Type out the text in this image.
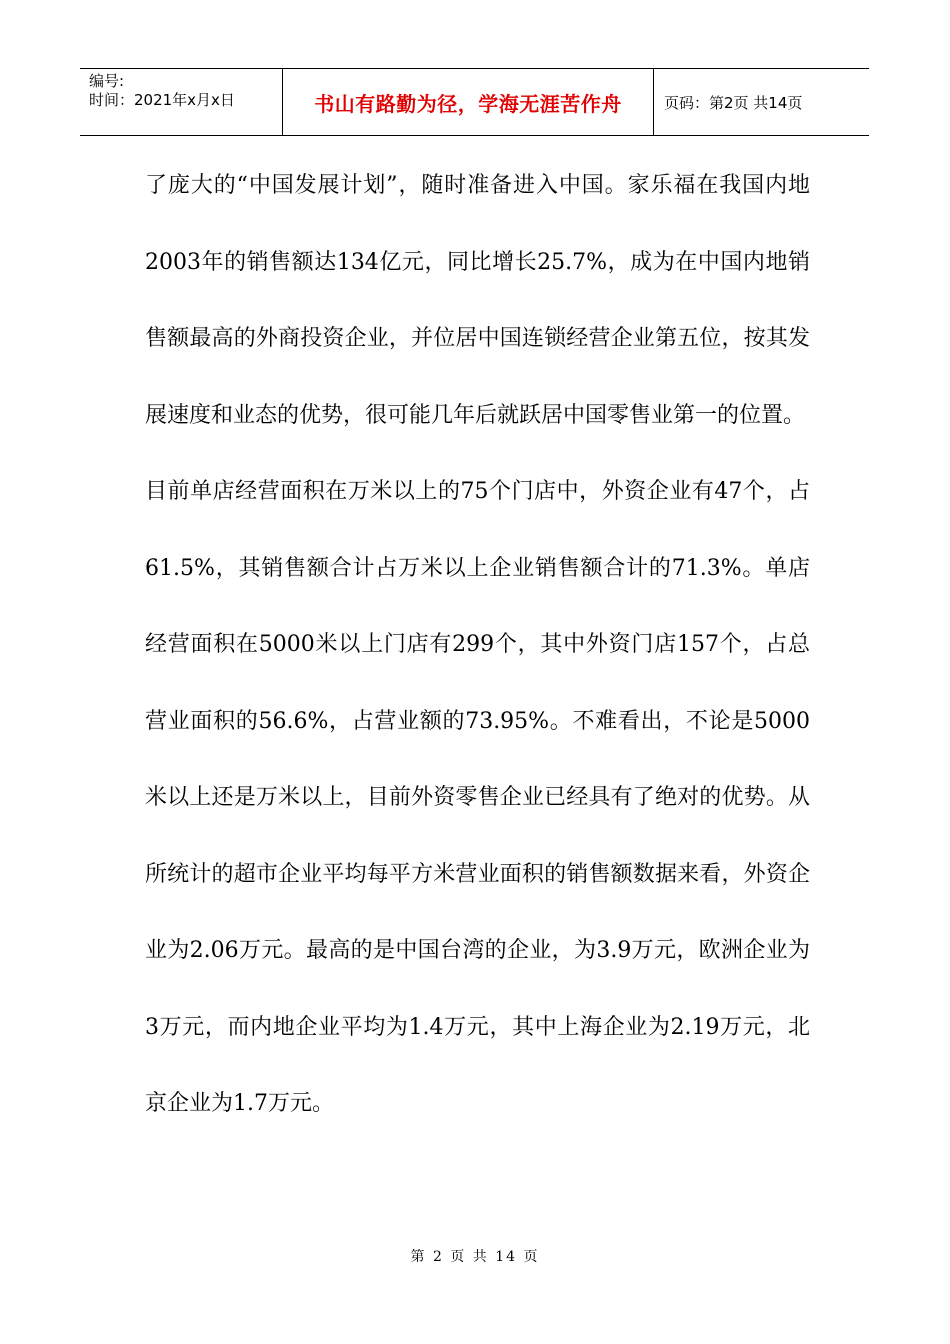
编号:
时间：2021年x月x日	书山有路勤为径，学海无涯苦作舟	页码：第2页 共14页

了庞大的“中国发展计划”，随时准备进入中国。家乐福在我国内地2003年的销售额达134亿元，同比增长25.7%，成为在中国内地销售额最高的外商投资企业，并位居中国连锁经营企业第五位，按其发展速度和业态的优势，很可能几年后就跃居中国零售业第一的位置。

目前单店经营面积在万米以上的75个门店中，外资企业有47个，占61.5%，其销售额合计占万米以上企业销售额合计的71.3%。单店经营面积在5000米以上门店有299个，其中外资门店157个，占总营业面积的56.6%，占营业额的73.95%。不难看出，不论是5000米以上还是万米以上，目前外资零售企业已经具有了绝对的优势。从所统计的超市企业平均每平方米营业面积的销售额数据来看，外资企业为2.06万元。最高的是中国台湾的企业，为3.9万元，欧洲企业为3万元，而内地企业平均为1.4万元，其中上海企业为2.19万元，北京企业为1.7万元。

第 2 页 共 14 页
